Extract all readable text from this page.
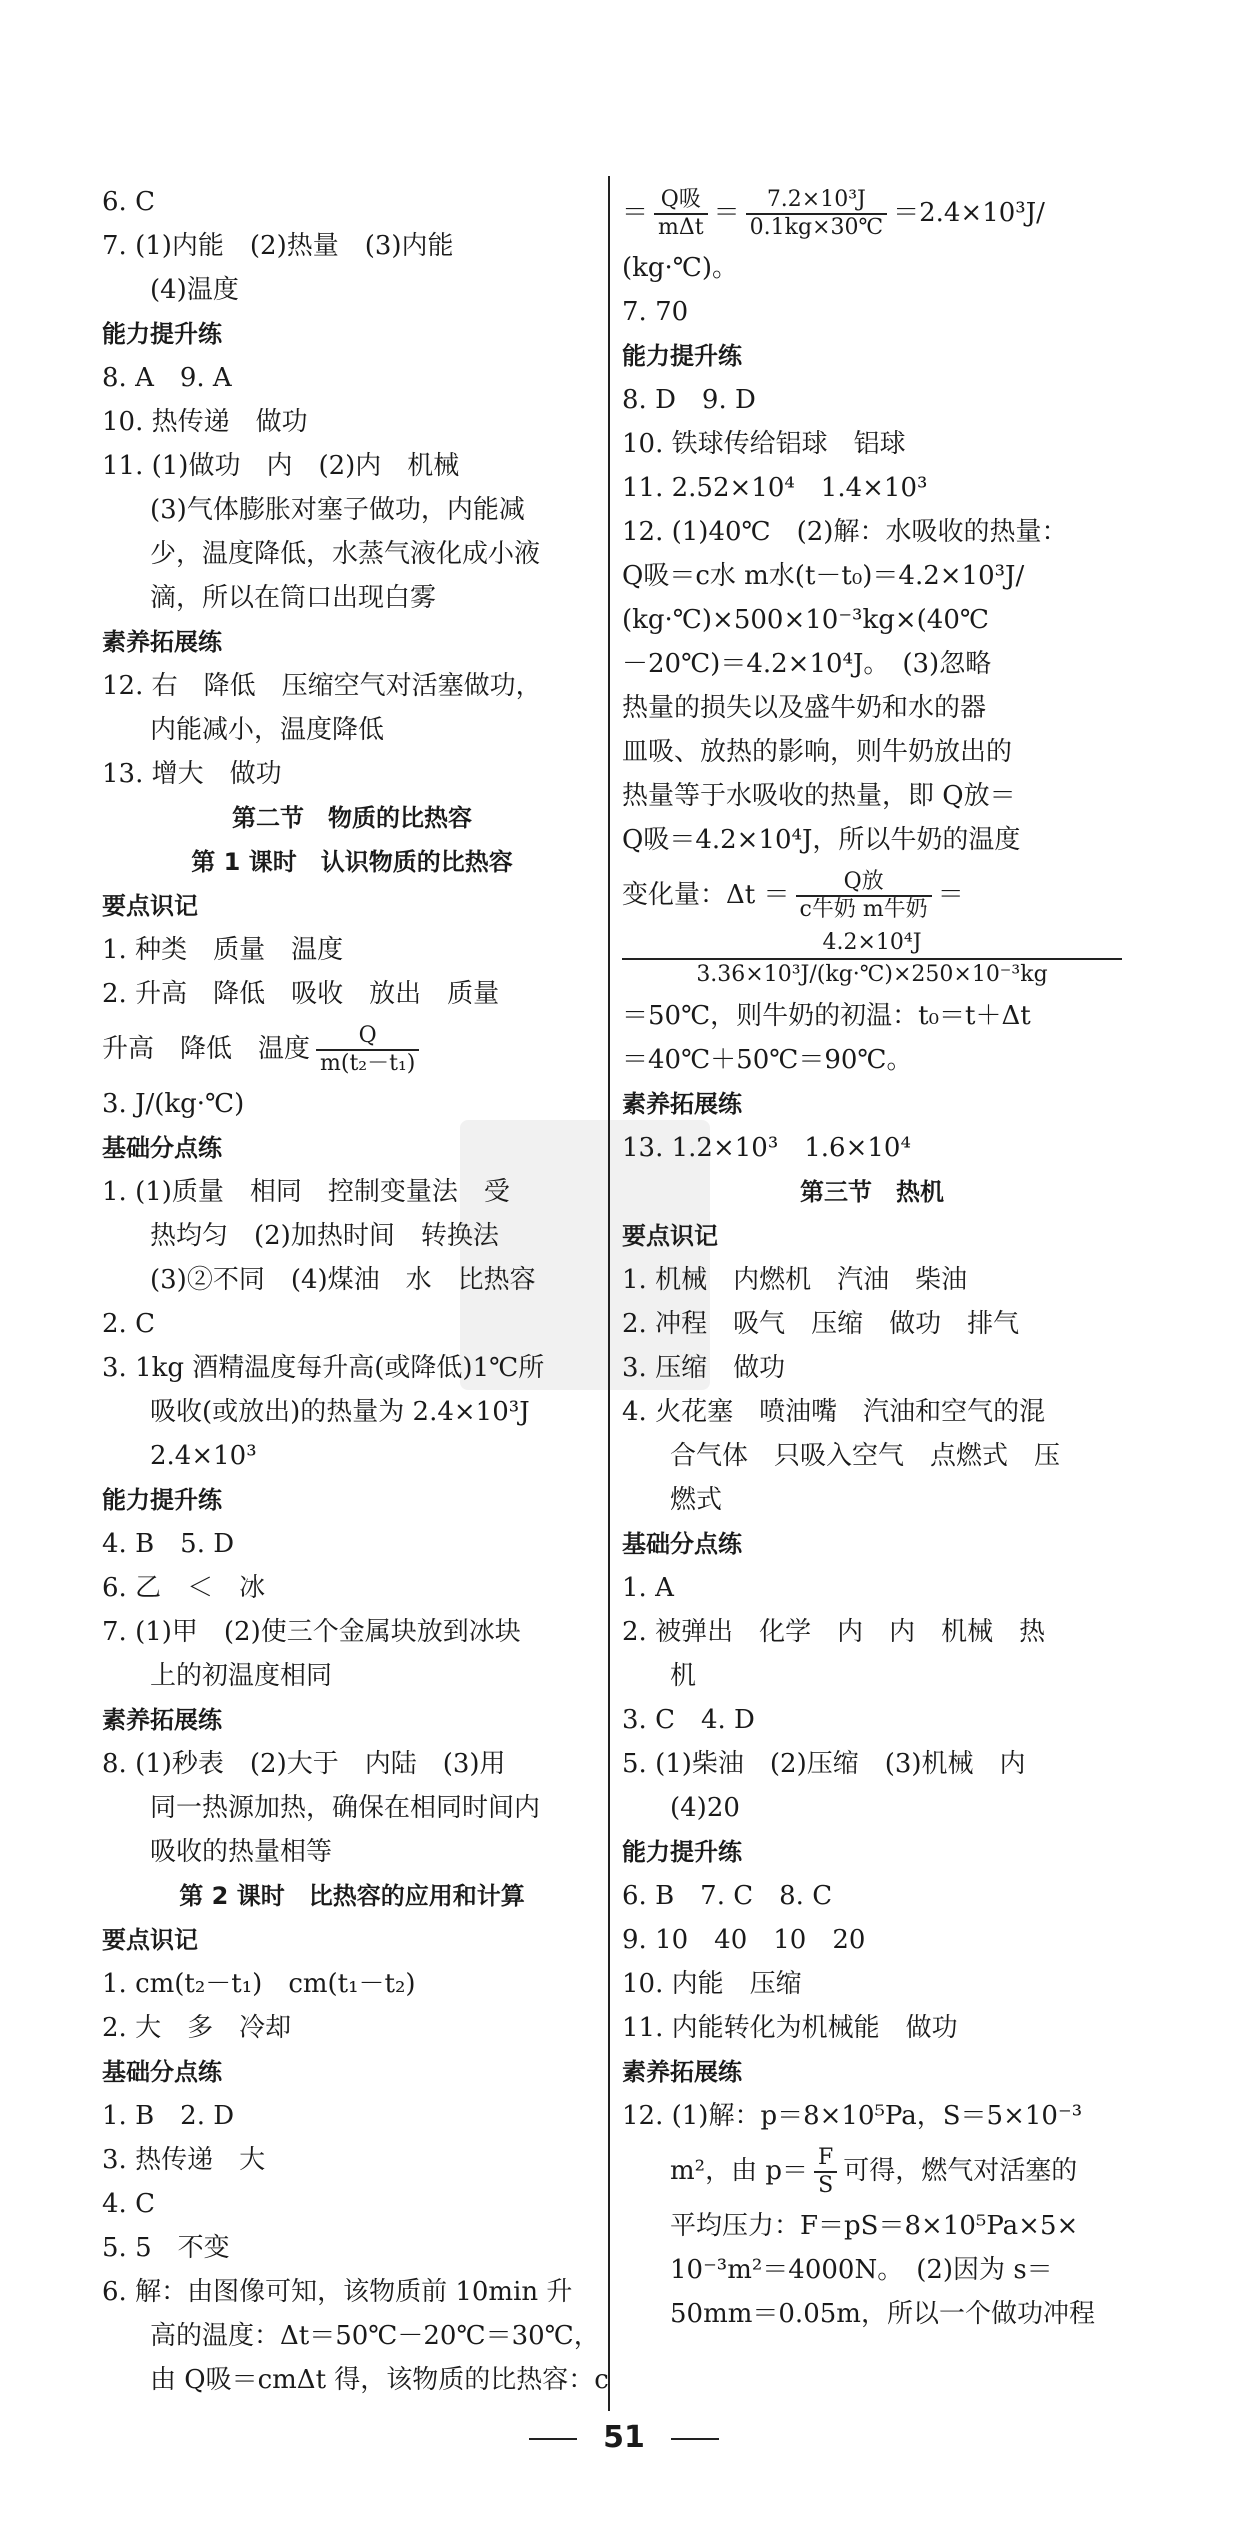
6. C
7. (1)内能　(2)热量　(3)内能
(4)温度
能力提升练
8. A　9. A
10. 热传递　做功
11. (1)做功　内　(2)内　机械
(3)气体膨胀对塞子做功，内能减
少，温度降低，水蒸气液化成小液
滴，所以在筒口出现白雾
素养拓展练
12. 右　降低　压缩空气对活塞做功，
内能减小，温度降低
13. 增大　做功
第二节　物质的比热容
第 1 课时　认识物质的比热容
要点识记
1. 种类　质量　温度
2. 升高　降低　吸收　放出　质量
升高　降低　温度 $\frac{Q}{\text{m(t₂－t₁)}}$
3. J/(kg·℃)
基础分点练
1. (1)质量　相同　控制变量法　受
热均匀　(2)加热时间　转换法
(3)②不同　(4)煤油　水　比热容
2. C
3. 1kg 酒精温度每升高(或降低)1℃所
吸收(或放出)的热量为 2.4×10³J
2.4×10³
能力提升练
4. B　5. D
6. 乙　＜　冰
7. (1)甲　(2)使三个金属块放到冰块
上的初温度相同
素养拓展练
8. (1)秒表　(2)大于　内陆　(3)用
同一热源加热，确保在相同时间内
吸收的热量相等
第 2 课时　比热容的应用和计算
要点识记
1. cm(t₂－t₁)　cm(t₁－t₂)
2. 大　多　冷却
基础分点练
1. B　2. D
3. 热传递　大
4. C
5. 5　不变
6. 解：由图像可知，该物质前 10min 升
高的温度：Δt＝50℃－20℃＝30℃，
由 Q吸＝cmΔt 得，该物质的比热容：c
＝ $\frac{\text{Q吸}}{\text{mΔt}} = \frac{\text{7.2×10³J}}{0.1kg\times 30℃} =2.4\times 10^3J/$
(kg·℃)。
7. 70
能力提升练
8. D　9. D
10. 铁球传给铝球　铝球
11. 2.52×10⁴　1.4×10³
12. (1)40℃　(2)解：水吸收的热量：
Q吸＝c水 m水(t－t₀)＝4.2×10³J/
(kg·℃)×500×10⁻³kg×(40℃
－20℃)＝4.2×10⁴J。　(3)忽略
热量的损失以及盛牛奶和水的器
皿吸、放热的影响，则牛奶放出的
热量等于水吸收的热量，即 Q放＝
Q吸＝4.2×10⁴J，所以牛奶的温度
变化量：$\Delta t = \frac{\text{Q放}}{\text{c牛奶 m牛奶}}$ ＝
4.2×10⁴J
3.36×10³J/(kg·℃)×250×10⁻³kg
＝50℃，则牛奶的初温：t₀＝t＋Δt
＝40℃＋50℃＝90℃。
素养拓展练
13. 1.2×10³　1.6×10⁴
第三节　热机
要点识记
1. 机械　内燃机　汽油　柴油
2. 冲程　吸气　压缩　做功　排气
3. 压缩　做功
4. 火花塞　喷油嘴　汽油和空气的混
合气体　只吸入空气　点燃式　压
燃式
基础分点练
1. A
2. 被弹出　化学　内　内　机械　热
机
3. C　4. D
5. (1)柴油　(2)压缩　(3)机械　内
(4)20
能力提升练
6. B　7. C　8. C
9. 10　40　10　20
10. 内能　压缩
11. 内能转化为机械能　做功
素养拓展练
12. (1)解：p＝8×10⁵Pa，S＝5×10⁻³
m²，由 $p= \frac{F}{S}$ 可得，燃气对活塞的
平均压力：F＝pS＝8×10⁵Pa×5×
10⁻³m²＝4000N。　(2)因为 s＝
50mm＝0.05m，所以一个做功冲程
51
